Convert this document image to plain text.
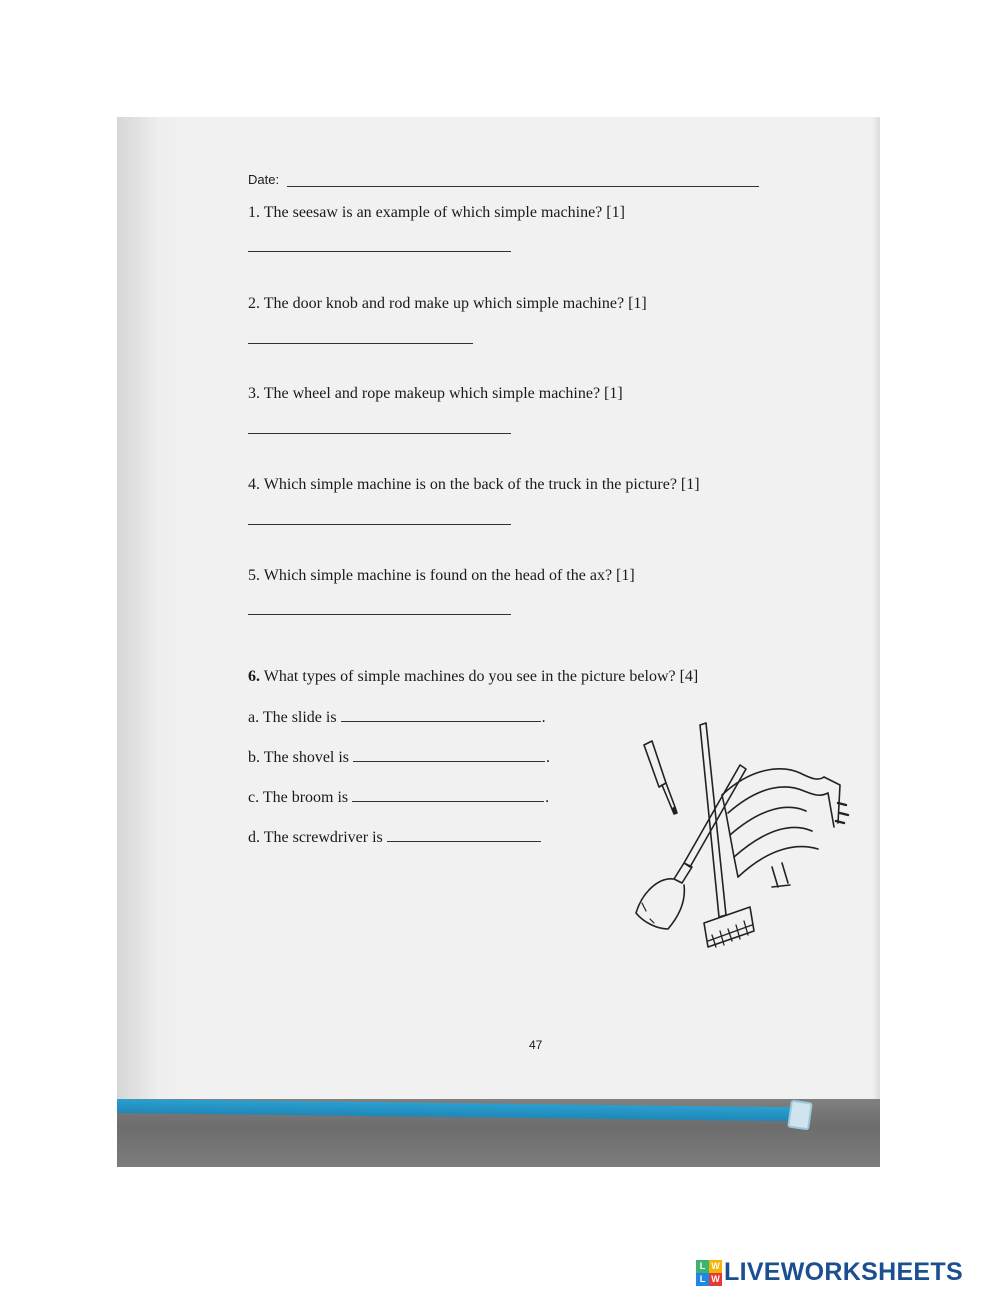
Date:
1. The seesaw is an example of which simple machine? [1]
2. The door knob and rod make up which simple machine? [1]
3. The wheel and rope makeup which simple machine? [1]
4. Which simple machine is on the back of the truck in the picture? [1]
5. Which simple machine is found on the head of the ax? [1]
6. What types of simple machines do you see in the picture below? [4]
a. The slide is	.
b. The shovel is	.
c. The broom is	.
d. The screwdriver is
47
L W
L W LIVEWORKSHEETS
